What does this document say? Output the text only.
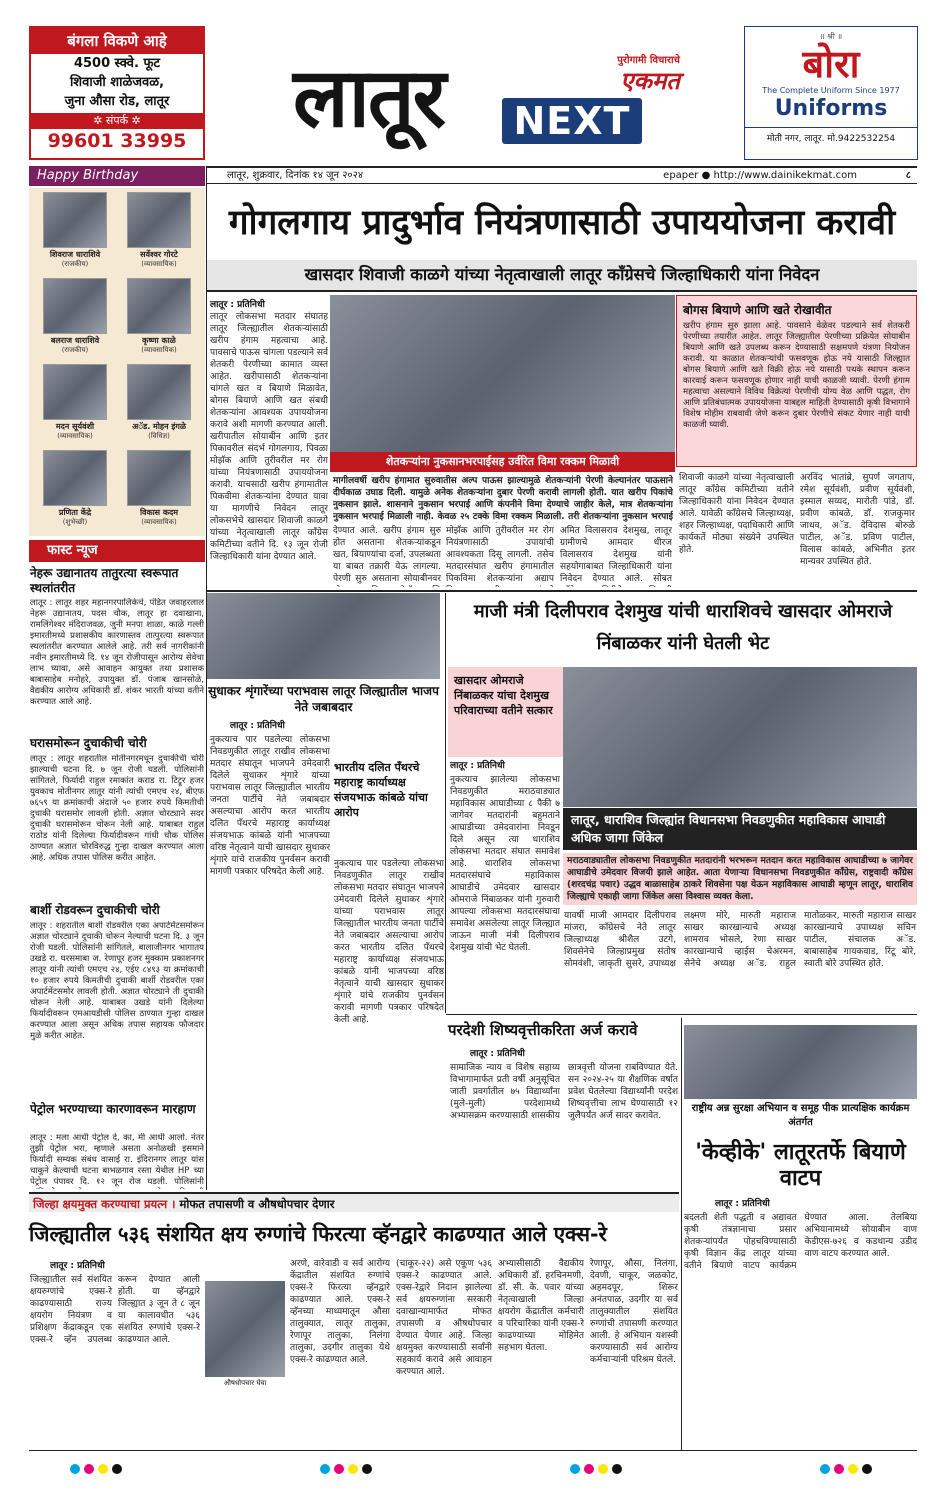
बंगला विकणे आहे
4500 स्क्वे. फूट
शिवाजी शाळेजवळ,
जुना औसा रोड, लातूर
✲ संपर्क ✲
99601 33995 लातूर	पुरोगामी विचाराचे
एकमत
NEXT
॥ श्री ॥
बोरा
The Complete Uniform Since 1977
Uniforms
मोती नगर, लातूर. मो.9422532254
लातूर, शुक्रवार, दिनांक १४ जून २०२४	epaper ● http://www.dainikekmat.com	८
Happy Birthday
शिवराज धाराशिवे
(राजकीय)
सर्वेश्वर गोरटे
(व्यावसायिक)
बलराज धाराशिवे
(राजकीय)
कृष्णा काळे
(व्यावसायिक)
मदन सूर्यवंशी
(व्यावसायिक)
अॅड. मोहन इंगळे
(विधिज्ञ)
प्रणिता केंद्रे
(शुभेच्छी)
विकास कदम
(व्यावसायिक)
फास्ट न्यूज
नेहरू उद्यानातय तातुरत्या स्वरूपात स्थलांतरीत
लातूर : लातूर शहर महानगरपालिकेचे, पंडित जवाहरलाल नेहरू उद्यानातय, पदस चौक, लातूर हा दवाखाना, रामलिंगेश्वर मंदिराजवळ, जुनी मनपा शाळा, काळे गल्ली इमारतीमध्ये प्रशासकीय कारणास्तव तात्पुरत्या स्वरूपात स्थलांतरीत करण्यात आलेले आहे. तरी सर्व नागरीकांनी नवीन इमारतीमध्ये दि. १४ जून रोजीपासून आरोग्य सेवेचा लाभ घ्यावा, असे आवाहन आयुक्त तथा प्रशासक बाबासाहेब मनोहरे, उपायुक्त डॉ. पंजाब खानसोळे, वैद्यकीय आरोग्य अधिकारी डॉ. शंकर भारती यांच्या वतीने करण्यात आले आहे.
घरासमोरून दुचाकीची चोरी
लातूर : लातूर शहरातील मोतीनगरमधून दुचाकीची चोरी झाल्याची घटना दि. ७ जून रोजी घडली. पोलिसांनी सांगितले, फिर्यादी राहुल रमाकांत कराड रा. टिट्रूर हजर युवकाच मोतीनगर लातूर यांनी त्यांची एमएच २४, बीएफ ७६५९ या क्रमांकाची अंदाजे ५० हजार रुपये किमतीची दुचाकी घरासमोर लावली होती. अज्ञात चोरट्याने सदर दुचाकी घरासमोरून चोरून नेली आहे. याबाबत राहुल राठोड यांनी दिलेल्या फिर्यादीवरून गांधी चौक पोलिस ठाण्यात अज्ञात चोरविरुद्ध गुन्हा दाखल करण्यात आला आहे. अधिक तपास पोलिस करीत आहेत.
बार्शी रोडवरून दुचाकीची चोरी
लातूर : शहरातील बार्शी रोडवरील एका अपार्टमेंटसमोरून अज्ञात चोरट्याने दुचाकी चोरून नेल्याची घटना दि. ३ जून रोजी घडली. पोलिसांनी सांगितले, बालाजीनगर भागातय उखडे रा. घरसमाबा ज. रेणापूर हजर मुक्काम प्रकाशनगर लातूर यांनी त्यांची एमएच २४, एईए ८४९३ या क्रमांकाची १० हजार रुपये किमतीची दुचाकी बार्शी रोडवरील एका अपार्टमेंटसमोर लावली होती. अज्ञात चोरट्याने ती दुचाकी चोरून नेली आहे. याबाबत उखडे यांनी दिलेल्या फिर्यादीवरून एमआयडीसी पोलिस ठाण्यात गुन्हा दाखल करण्यात आला असून अधिक तपास सहायक फौजदार मुळे करीत आहेत.
पेट्रोल भरण्याच्या कारणावरून मारहाण
लातूर : मला आधी पेट्रोल दे, का, मी आधी आलो. नंतर तुझी पेट्रोल भरा, म्हणाले असता अनोळखी इसमाने फिर्यादी सम्यक संबंध वासाई रा. इंदिरानगर लातूर यांस चाकूने केल्याची घटना बाभळगाव रस्ता येथील HP च्या पेट्रोल पंपावर दि. १२ जून रोज घडली. पोलिसांनी
गोगलगाय प्रादुर्भाव नियंत्रणासाठी उपाययोजना करावी
खासदार शिवाजी काळगे यांच्या नेतृत्वाखाली लातूर कॉंग्रेसचे जिल्हाधिकारी यांना निवेदन
लातूर : प्रतिनिधी
लातूर लोकसभा मतदार संघातह लातूर जिल्ह्यातील शेतकऱ्यांसाठी खरीप हंगाम महत्वाचा आहे. पावसाचे पाऊस चांगला पडल्याने सर्व शेतकरी पेरणीच्या कामात व्यस्त आहेत. खरीपासाठी शेतकऱ्यांना चांगले खत व बियाणे मिळावेत, बोगस बियाणे आणि खत संबधी शेतकऱ्यांना आवश्यक उपाययोजना करावे अशी मागणी करण्यात आली. खरीपातील सोयाबीन आणि इतर पिकावरील संदर्भ गोगलगाय, पिवळा मोझॅक आणि तुरीवरील मर रोग यांच्या नियंत्रणासाठी उपाययोजना करावी. याचसाठी खरीप हंगामातील पिकवीमा शेतकऱ्यांना देण्यात यावा या मागणीचे निवेदन लातूर लोकसभेचे खासदार शिवाजी काळगे यांच्या नेतृत्वाखाली लातूर काँग्रेस कमिटीच्या वतीने दि. १३ जून रोजी जिल्हाधिकारी यांना देण्यात आले.
शेतकऱ्यांना नुकसानभरपाईसह उर्वरित विमा रक्कम मिळावी
मागीलवर्षी खरीप हंगामात सुरुवातीस अल्प पाऊस झाल्यामुळे शेतकऱ्यांनी पेरणी केल्यानंतर पाऊसाने दीर्घकाळ उघाड दिली. यामुळे अनेक शेतकऱ्यांना दुबार पेरणी करावी लागली होती. यात खरीप पिकांचे नुकसान झाले. शासनाने नुकसान भरपाई आणि कंपनीने विमा देण्याचे जाहीर केले, मात्र शेतकऱ्यांना नुकसान भरपाई मिळाली नाही. केवळ २५ टक्के विमा रक्कम मिळाली. तरी शेतकऱ्यांना नुकसान भरपाई
बोगस बियाणे आणि खते रोखावीत
खरीप हंगाम सुरु झाला आहे. पावसाने वेळेवर पडल्याने सर्व शेतकरी पेरणीच्या तयारीत आहेत. लातूर जिल्ह्यातील पेरणीच्या प्रक्रियेत सोयाबीन बियाणे आणि खते उपलब्ध करून देण्यासाठी सक्षमपणे यंत्रणा नियोजन करावी. या काळात शेतकऱ्यांची फसवणूक होऊ नये यासाठी जिल्ह्यात बोगस बियाणे आणि खते विक्री होऊ नये यासाठी पथके स्थापन करून कारवाई करून फसवणूक होणार नाही याची काळजी घ्यावी. पेरणी हंगाम महत्वाचा असल्याने विविध विक्रेत्यां पेरणीची योग्य वेळ आणि पद्धत, रोग आणि प्रतिबंधात्मक उपाययोजना याबद्दल माहिती देण्यासाठी कृषी विभागाने विशेष मोहीम राबवावी जेणे करून दुबार पेरणीचे संकट येणार नाही याची काळजी घ्यावी.
देण्यात आले. खरीप हंगाम सुरु होत असताना शेतकऱ्यांकडून खत, बियाण्यांचा दर्जा, उपलब्धता या बाबत तक्रारी येऊ लागल्या. पेरणी सुरु असताना सोयाबीनवर
मोझॅक आणि तुरीवरील मर रोग नियंत्रणासाठी उपायांची आवश्यकता दिसू लागली. तसेच मतदारसंघात खरीप हंगामातील पिकविमा शेतकऱ्यांना अद्याप
अमित विलासराव देशमुख, लातूर ग्रामीणचे आमदार धीरज विलासराव देशमुख यांनी सहयोगाबाबत जिल्हाधिकारी यांना निवेदन देण्यात आले. सोबत
शिवाजी काळगे यांच्या नेतृत्वाखाली लातूर काँग्रेस कमिटीच्या वतीने जिल्हाधिकारी यांना निवेदन देण्यात आले. यावेळी काँग्रेसचे जिल्हाध्यक्ष, शहर जिल्हाध्यक्ष, पदाधिकारी आणि कार्यकर्ते मोठ्या संख्येने उपस्थित होते.
अरविंद भातांब्रे, सुपर्ण जगताप, रमेश सूर्यवंशी, प्रवीण सूर्यवंशी, इस्माल सय्यद, मारोती पांडे, डॉ. प्रवीण कांबळे, डॉ. राजकुमार जाधव, अॅड. देविदास बोरुळे पाटील, अॅड. प्रविण पाटील, विलास कांबळे, अभिनीत इतर मान्यवर उपस्थित होते.
सुधाकर शृंगारेंच्या पराभवास लातूर जिल्ह्यातील भाजप नेते जबाबदार
लातूर : प्रतिनिधी
नुकत्याच पार पडलेल्या लोकसभा निवडणुकीत लातूर राखीव लोकसभा मतदार संघातून भाजपने उमेदवारी दिलेले सुधाकर शृंगारे यांच्या पराभवास लातूर जिल्ह्यातील भारतीय जनता पार्टीचे नेते जबाबदार असल्याचा आरोप करत भारतीय दलित पँथरचे महाराष्ट्र कार्याध्यक्ष संजयभाऊ कांबळे यांनी भाजपच्या वरिष्ठ नेतृत्वाने याची खासदार सुधाकर शृंगारे यांचे राजकीय पुनर्वसन करावी मागणी पत्रकार परिषदेत केली आहे.
भारतीय दलित पँथरचे महाराष्ट्र कार्याध्यक्ष संजयभाऊ कांबळे यांचा आरोप
नुकत्याच पार पडलेल्या लोकसभा निवडणुकीत लातूर राखीव लोकसभा मतदार संघातून भाजपने उमेदवारी दिलेले सुधाकर शृंगारे यांच्या पराभवास लातूर जिल्ह्यातील भारतीय जनता पार्टीचे नेते जबाबदार असल्याचा आरोप करत भारतीय दलित पँथरचे महाराष्ट्र कार्याध्यक्ष संजयभाऊ कांबळे यांनी भाजपच्या वरिष्ठ नेतृत्वाने याची खासदार सुधाकर शृंगारे यांचे राजकीय पुनर्वसन करावी मागणी पत्रकार परिषदेत केली आहे.
माजी मंत्री दिलीपराव देशमुख यांची धाराशिवचे खासदार ओमराजे निंबाळकर यांनी घेतली भेट
खासदार ओमराजे निंबाळकर यांचा देशमुख परिवाराच्या वतीने सत्कार
लातूर : प्रतिनिधी
नुकत्याच झालेल्या लोकसभा निवडणुकीत मराठवाड्यात महाविकास आघाडीच्या ८ पैकी ७ जागेवर मतदारांनी बहुमताने आघाडीच्या उमेदवारांना निवडून दिले असून त्या धाराशिव लोकसभा मतदार संघात समावेश आहे. धाराशिव लोकसभा मतदारसंघाचे महाविकास आघाडीचे उमेदवार खासदार ओमराजे निंबाळकर यांनी गुरुवारी आपल्या लोकसभा मतदारसंघाचा समावेश असलेल्या लातूर जिल्ह्यात जाऊन माजी मंत्री दिलीपराव देशमुख यांची भेट घेतली.
लातूर, धाराशिव जिल्ह्यांत विधानसभा निवडणुकीत महाविकास आघाडी अधिक जागा जिंकेल
मराठवाड्यातील लोकसभा निवडणुकीत मतदारांनी भरभरून मतदान करत महाविकास आघाडीच्या ७ जागेवर आघाडीचे उमेदवार विजयी झाले आहेत. आता येणाऱ्या विधानसभा निवडणुकीत काँग्रेस, राष्ट्रवादी काँग्रेस (शरदचंद्र पवार) उद्धव बाळासाहेब ठाकरे शिवसेना पक्ष येऊन महाविकास आघाडी म्हणून लातूर, धाराशिव जिल्ह्याचे एकाही जागा जिंकेल असा विश्वास व्यक्त केला.
यावर्षी माजी आमदार दिलीपराव मांजरा, कॉंग्रेसचे नेते लातूर जिल्हाध्यक्ष श्रीशैल उटगे, शिवसेनेचे जिल्हाप्रमुख संतोष सोमवंशी, जाकृती सुसरे, उपाध्यक्ष लक्ष्मण मोरे, मारुती महाराज साखर कारखान्याचे अध्यक्ष शामराव भोसले, रेणा साखर कारखान्याचे व्हाईस चेअरमन, सेनेचे अध्यक्ष अॅड. राहुल मातोळकर, मारुती महाराज साखर कारखान्याचे उपाध्यक्ष सचिन पाटील, संचालक अॅड. बाबासाहेब गायकवाड, रिंटू बोरे, स्वाती बोरे उपस्थित होते.
परदेशी शिष्यवृत्तीकरिता अर्ज करावे
लातूर : प्रतिनिधी
सामाजिक न्याय व विशेष सहाय्य विभागामार्फत प्रती वर्षी अनुसूचित जाती प्रवर्गातील ७५ विद्यार्थ्यांना (मुले-मुली) परदेशामध्ये अभ्यासक्रम करण्यासाठी शासकीय छात्रवृत्ती योजना राबविण्यात येते. सन २०२४-२५ या शैक्षणिक वर्षात प्रवेश घेतलेल्या विद्यार्थ्यांनी परदेश शिष्यवृत्तीचा लाभ घेण्यासाठी १२ जुलैपर्यंत अर्ज सादर करावेत.
राष्ट्रीय अन्न सुरक्षा अभियान व समूह पीक प्रात्यक्षिक कार्यक्रम अंतर्गत
'केव्हीके' लातूरतर्फे बियाणे वाटप
लातूर : प्रतिनिधी
बदलती शेती पद्धती व अद्यावत कृषी तंत्रज्ञानाचा प्रसार शेतकऱ्यांपर्यंत पोहचविण्यासाठी कृषी विज्ञान केंद्र लातूर यांच्या वतीने बियाणे वाटप कार्यक्रम घेण्यात आला. तेलबिया अभियानामध्ये सोयाबीन वाण केडीएस-७२६ व कडधान्य उडीद वाण वाटप करण्यात आले.
जिल्हा क्षयमुक्त करण्याचा प्रयत्न । मोफत तपासणी व औषधोपचार देणार
जिल्ह्यातील ५३६ संशयित क्षय रुग्णांचे फिरत्या व्हॅनद्वारे काढण्यात आले एक्स-रे
लातूर : प्रतिनिधी
जिल्ह्यातील सर्व संशयित क्षयरुग्णांचे एक्स-रे काढण्यासाठी राज्य क्षयरोग नियंत्रण व प्रशिक्षण केंद्राकडून एक एक्स-रे व्हॅन उपलब्ध करून देण्यात आली होती. या व्हॅनद्वारे जिल्ह्यात ३ जून ते ८ जून या कालावधीत ५३६ संशयित रुग्णांचे एक्स-रे काढण्यात आले.
औषधोपचार घेवा
अरणे, वारेवाडी व सर्व आरोग्य केंद्रातील संशयित रुग्णांचे एक्स-रे फिरत्या व्हॅनद्वारे काढण्यात आले. एक्स-रे व्हॅनच्या माध्यमातून औसा तालुक्यात, लातूर तालुका, रेणापूर तालुका, निलंगा तालुका, उदगीर तालुका येथे एक्स-रे काढण्यात आले.
(चाकूर-२२) असे एकूण ५३६ एक्स-रे काढण्यात आले. एक्स-रेद्वारे निदान झालेल्या सर्व क्षयरुग्णांना सरकारी दवाखान्यामार्फत मोफत तपासणी व औषधोपचार देण्यात येणार आहे. जिल्हा क्षयमुक्त करण्यासाठी सर्वांनी सहकार्य करावे असे आवाहन करण्यात आले.
अभ्यासीसाठी वैद्यकीय अधिकारी डॉ. हरचिनमणी, डॉ. सी. के. पवार यांच्या नेतृत्वाखाली जिल्हा क्षयरोग केंद्रातील कर्मचारी व परिचारिका यांनी एक्स-रे काढण्याच्या मोहिमेत सहभाग घेतला.
रेणापूर, औसा, निलंगा, देवणी, चाकूर, जळकोट, अहमदपूर, शिरूर अनंतपाळ, उदगीर या सर्व तालुक्यातील संशयित रुग्णांची तपासणी करण्यात आली. हे अभियान यशस्वी करण्यासाठी सर्व आरोग्य कर्मचाऱ्यांनी परिश्रम घेतले.
